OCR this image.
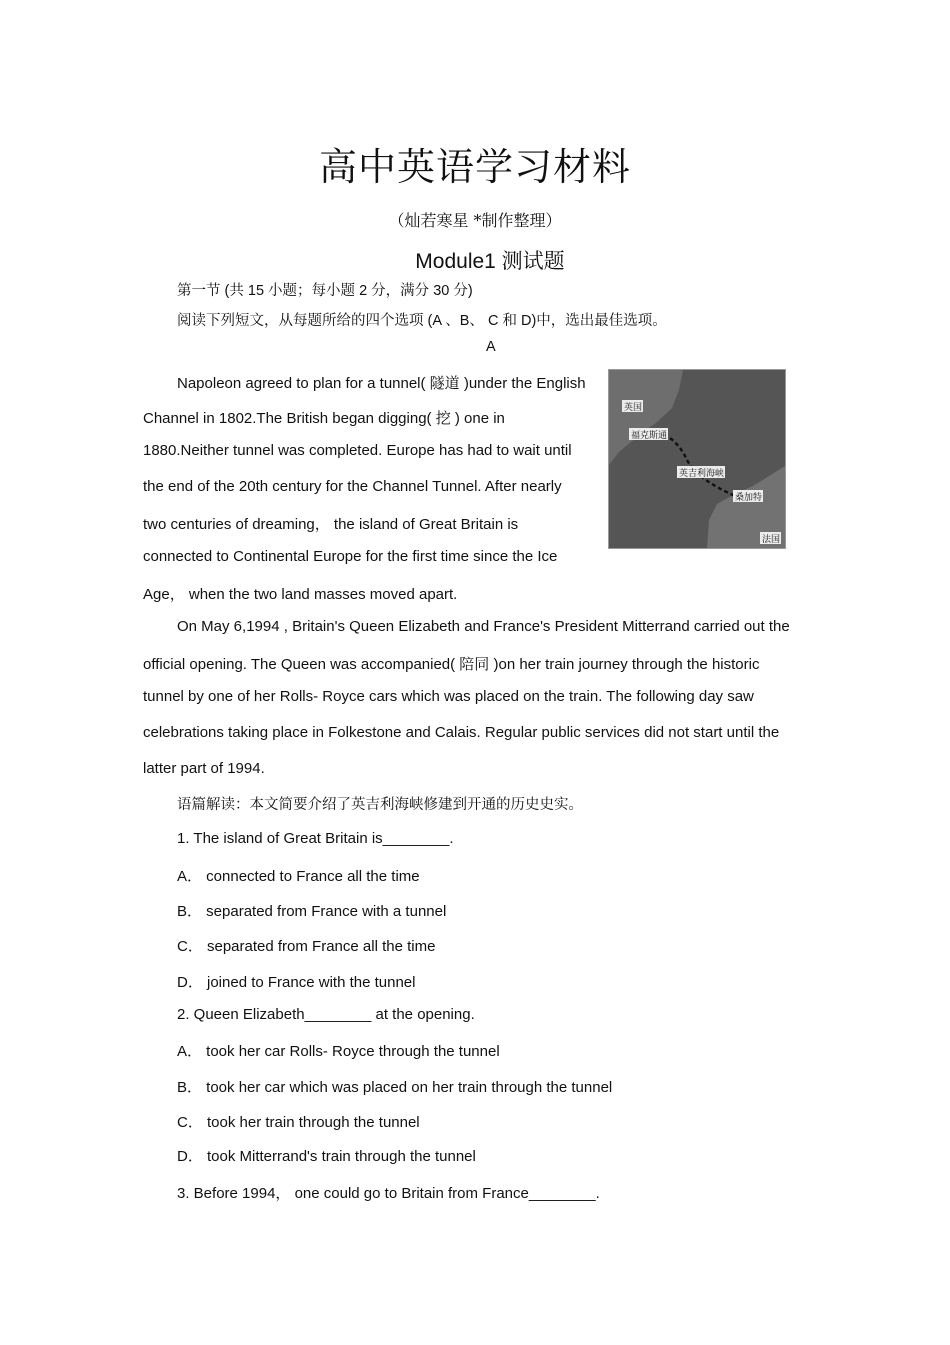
高中英语学习材料
（灿若寒星 *制作整理）
Module1 测试题
第一节 (共 15 小题；每小题 2 分，满分 30 分)
阅读下列短文，从每题所给的四个选项 (A 、B、 C 和 D)中，选出最佳选项。
A
Napoleon agreed to plan for a tunnel( 隧道 )under the English
Channel in 1802.The British began digging( 挖 ) one in
1880.Neither tunnel was completed. Europe has had to wait until
the end of the 20th century for the Channel Tunnel. After nearly
two centuries of dreaming， the island of Great Britain is
connected to Continental Europe for the first time since the Ice
Age， when the two land masses moved apart.
On May 6,1994 , Britain's Queen Elizabeth and France's President Mitterrand carried out the
official opening. The Queen was accompanied( 陪同 )on her train journey through the historic
tunnel by one of her Rolls- Royce cars which was placed on the train. The following day saw
celebrations taking place in Folkestone and Calais. Regular public services did not start until the
latter part of 1994.
英国
福克斯通
英吉利海峡
桑加特
法国
语篇解读：本文简要介绍了英吉利海峡修建到开通的历史史实。
1. The island of Great Britain is________.
A． connected to France all the time
B． separated from France with a tunnel
C． separated from France all the time
D． joined to France with the tunnel
2. Queen Elizabeth________ at the opening.
A． took her car Rolls- Royce through the tunnel
B． took her car which was placed on her train through the tunnel
C． took her train through the tunnel
D． took Mitterrand's train through the tunnel
3. Before 1994， one could go to Britain from France________.
